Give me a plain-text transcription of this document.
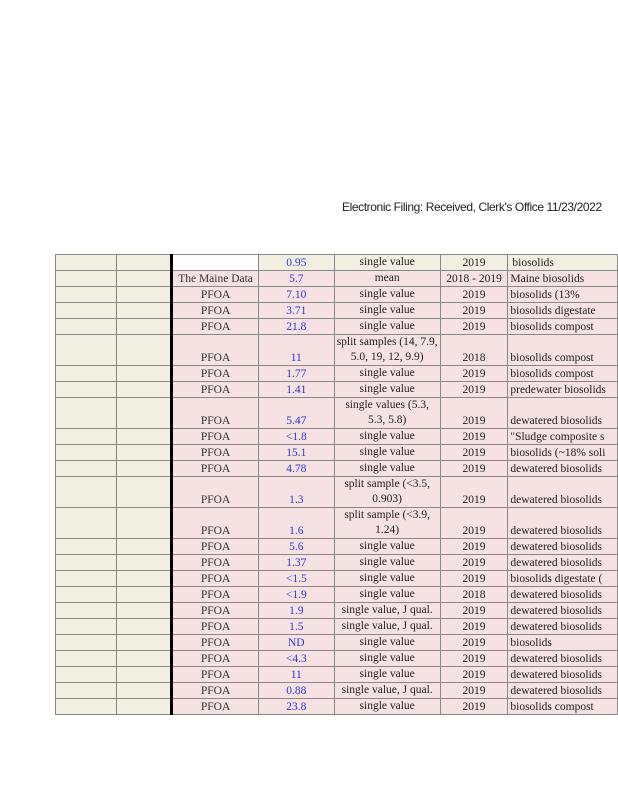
Electronic Filing: Received, Clerk's Office 11/23/2022
			0.95	single value	2019	biosolids
		The Maine Data	5.7	mean	2018 - 2019	Maine biosolids
		PFOA	7.10	single value	2019	biosolids (13%
		PFOA	3.71	single value	2019	biosolids digestate
		PFOA	21.8	single value	2019	biosolids compost
		PFOA	11	split samples (14, 7.9, 5.0, 19, 12, 9.9)	2018	biosolids compost
		PFOA	1.77	single value	2019	biosolids compost
		PFOA	1.41	single value	2019	predewater biosolids
		PFOA	5.47	single values (5.3, 5.3, 5.8)	2019	dewatered biosolids
		PFOA	<1.8	single value	2019	"Sludge composite s
		PFOA	15.1	single value	2019	biosolids (~18% soli
		PFOA	4.78	single value	2019	dewatered biosolids
		PFOA	1.3	split sample (<3.5, 0.903)	2019	dewatered biosolids
		PFOA	1.6	split sample (<3.9, 1.24)	2019	dewatered biosolids
		PFOA	5.6	single value	2019	dewatered biosolids
		PFOA	1.37	single value	2019	dewatered biosolids
		PFOA	<1.5	single value	2019	biosolids digestate (
		PFOA	<1.9	single value	2018	dewatered biosolids
		PFOA	1.9	single value, J qual.	2019	dewatered biosolids
		PFOA	1.5	single value, J qual.	2019	dewatered biosolids
		PFOA	ND	single value	2019	biosolids
		PFOA	<4.3	single value	2019	dewatered biosolids
		PFOA	11	single value	2019	dewatered biosolids
		PFOA	0.88	single value, J qual.	2019	dewatered biosolids
		PFOA	23.8	single value	2019	biosolids compost
